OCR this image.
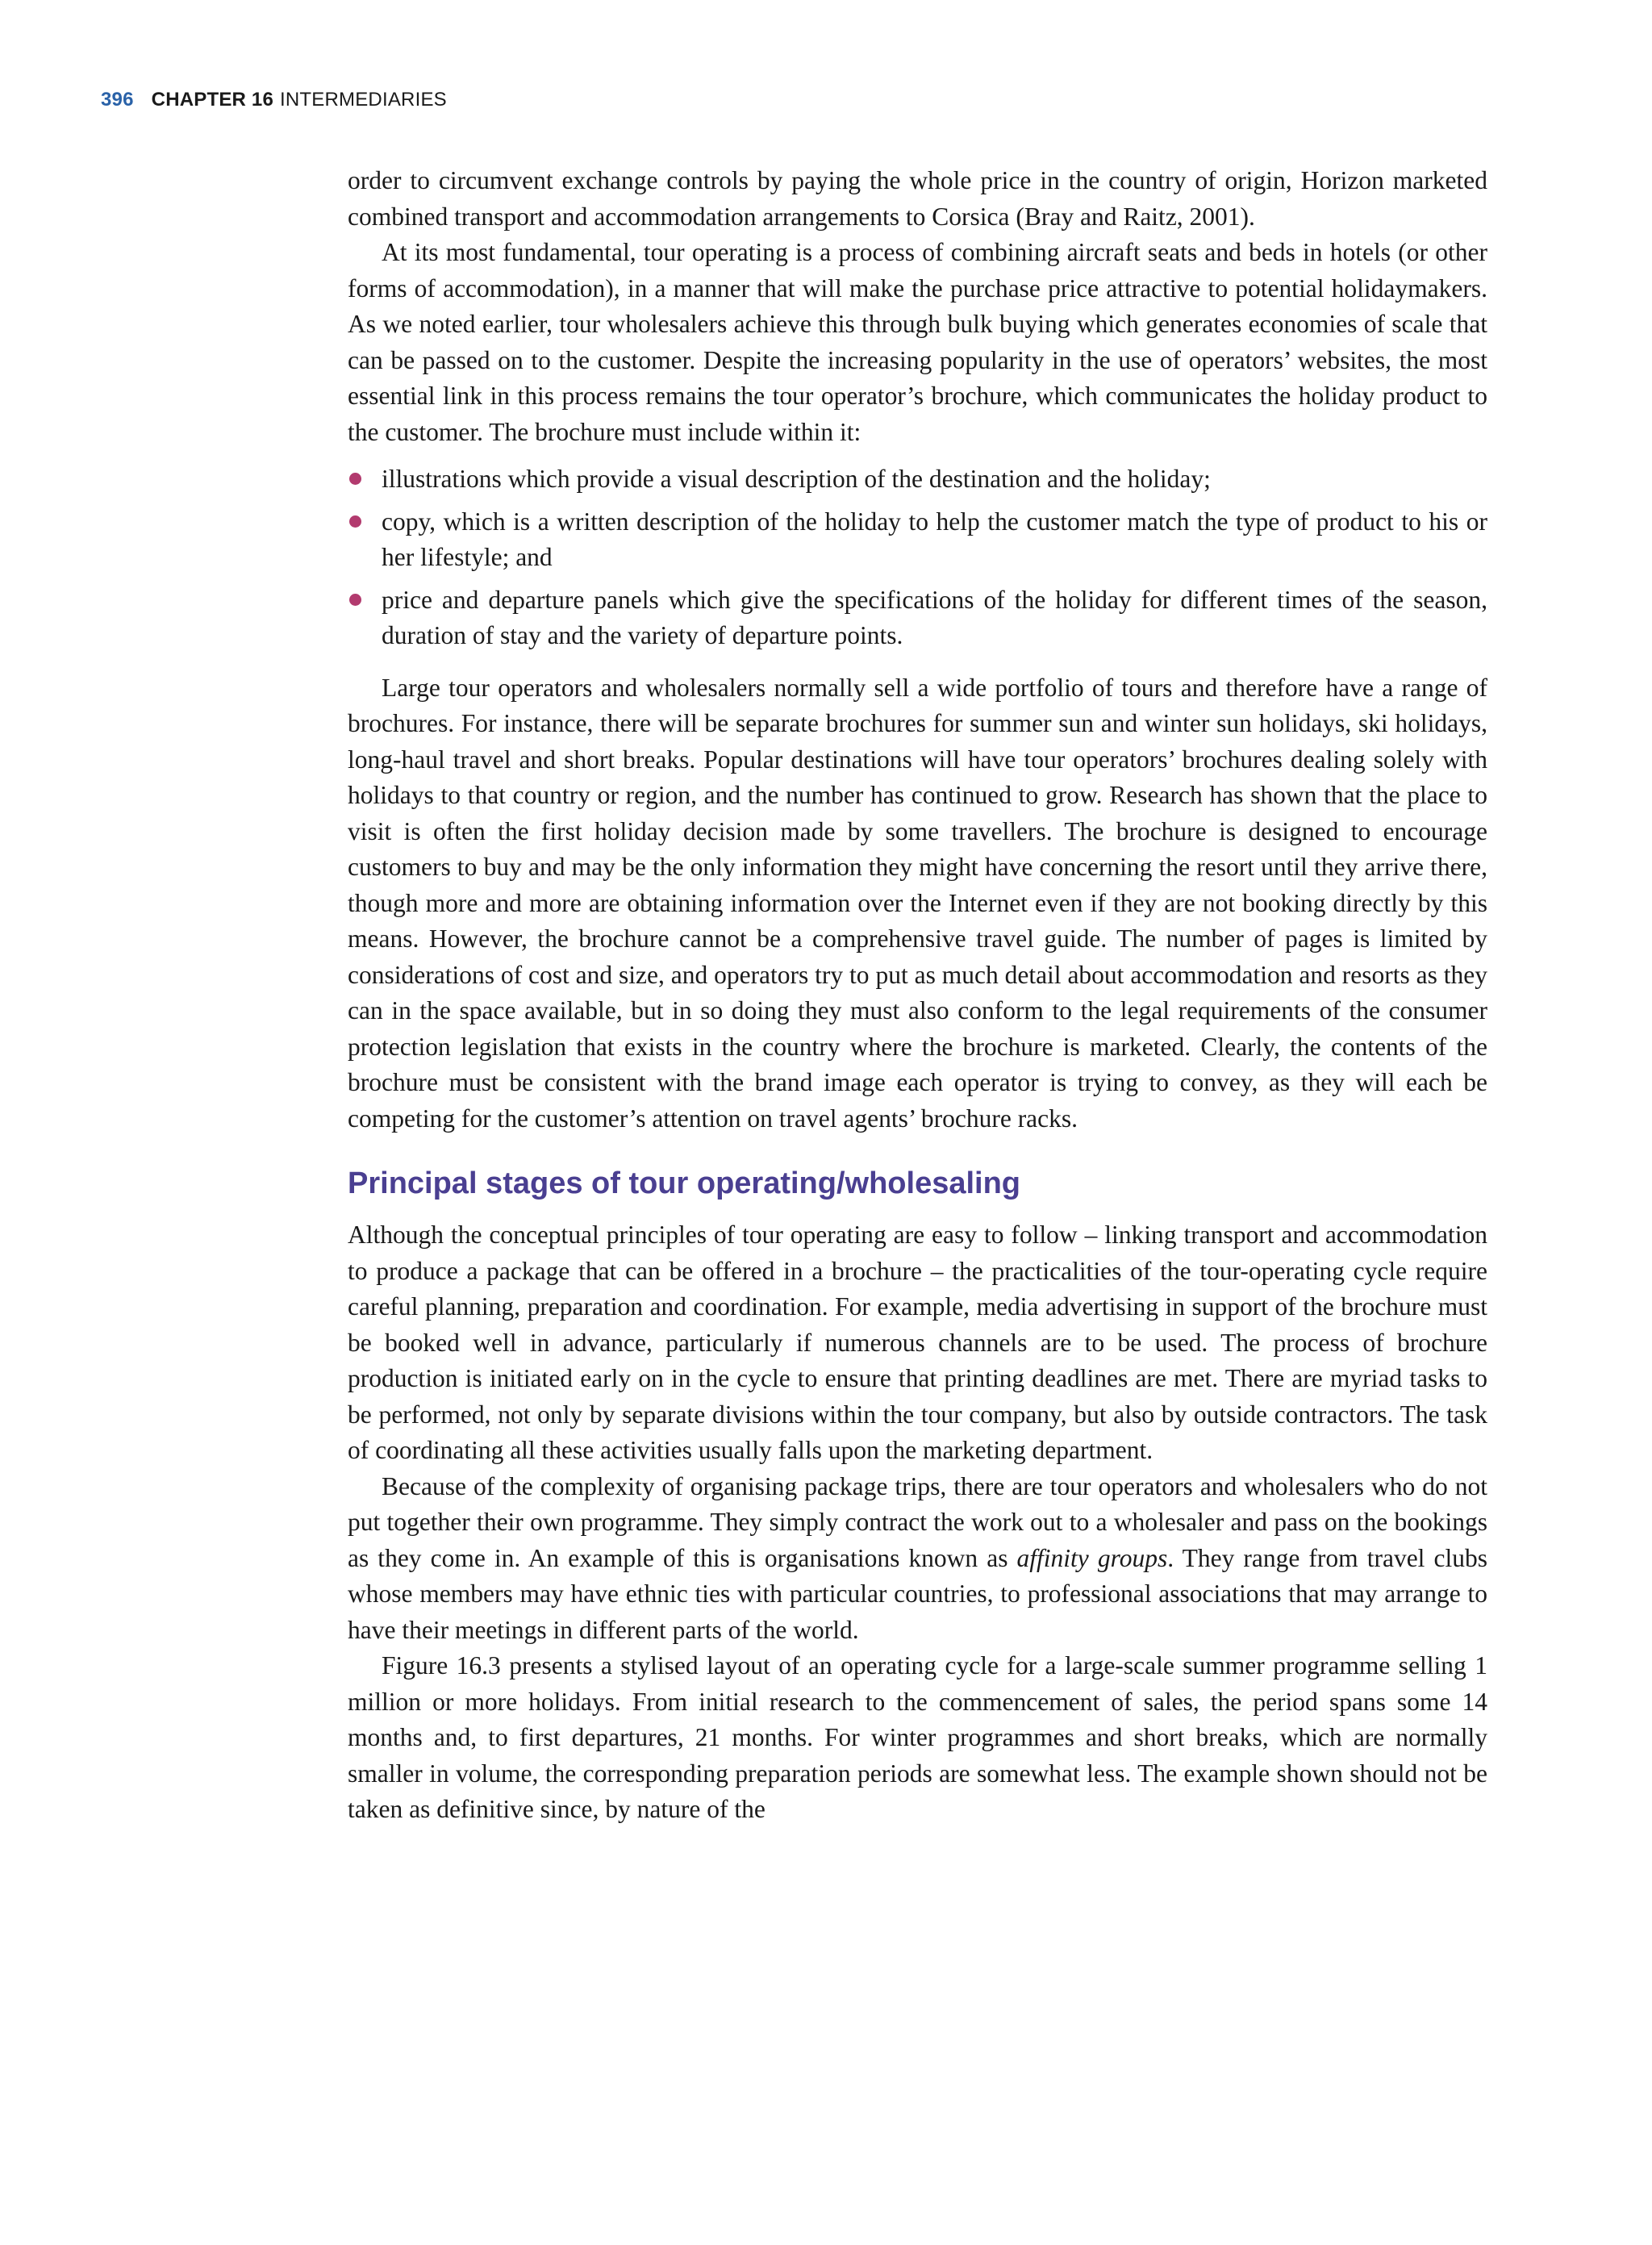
396 CHAPTER 16 INTERMEDIARIES

order to circumvent exchange controls by paying the whole price in the country of origin, Horizon marketed combined transport and accommodation arrangements to Corsica (Bray and Raitz, 2001).

At its most fundamental, tour operating is a process of combining aircraft seats and beds in hotels (or other forms of accommodation), in a manner that will make the purchase price attractive to potential holidaymakers. As we noted earlier, tour wholesalers achieve this through bulk buying which generates economies of scale that can be passed on to the customer. Despite the increasing popularity in the use of operators’ websites, the most essential link in this process remains the tour operator’s brochure, which communicates the holiday product to the customer. The brochure must include within it:

illustrations which provide a visual description of the destination and the holiday;
copy, which is a written description of the holiday to help the customer match the type of product to his or her lifestyle; and
price and departure panels which give the specifications of the holiday for different times of the season, duration of stay and the variety of departure points.

Large tour operators and wholesalers normally sell a wide portfolio of tours and therefore have a range of brochures. For instance, there will be separate brochures for summer sun and winter sun holidays, ski holidays, long-haul travel and short breaks. Popular destinations will have tour operators’ brochures dealing solely with holidays to that country or region, and the number has continued to grow. Research has shown that the place to visit is often the first holiday decision made by some travellers. The brochure is designed to encourage customers to buy and may be the only information they might have concerning the resort until they arrive there, though more and more are obtaining information over the Internet even if they are not booking directly by this means. However, the brochure cannot be a comprehensive travel guide. The number of pages is limited by considerations of cost and size, and operators try to put as much detail about accommodation and resorts as they can in the space available, but in so doing they must also conform to the legal requirements of the consumer protection legislation that exists in the country where the brochure is marketed. Clearly, the contents of the brochure must be consistent with the brand image each operator is trying to convey, as they will each be competing for the customer’s attention on travel agents’ brochure racks.

Principal stages of tour operating/wholesaling

Although the conceptual principles of tour operating are easy to follow – linking transport and accommodation to produce a package that can be offered in a brochure – the practicalities of the tour-operating cycle require careful planning, preparation and coordination. For example, media advertising in support of the brochure must be booked well in advance, particularly if numerous channels are to be used. The process of brochure production is initiated early on in the cycle to ensure that printing deadlines are met. There are myriad tasks to be performed, not only by separate divisions within the tour company, but also by outside contractors. The task of coordinating all these activities usually falls upon the marketing department.

Because of the complexity of organising package trips, there are tour operators and wholesalers who do not put together their own programme. They simply contract the work out to a wholesaler and pass on the bookings as they come in. An example of this is organisations known as affinity groups. They range from travel clubs whose members may have ethnic ties with particular countries, to professional associations that may arrange to have their meetings in different parts of the world.

Figure 16.3 presents a stylised layout of an operating cycle for a large-scale summer programme selling 1 million or more holidays. From initial research to the commencement of sales, the period spans some 14 months and, to first departures, 21 months. For winter programmes and short breaks, which are normally smaller in volume, the corresponding preparation periods are somewhat less. The example shown should not be taken as definitive since, by nature of the
